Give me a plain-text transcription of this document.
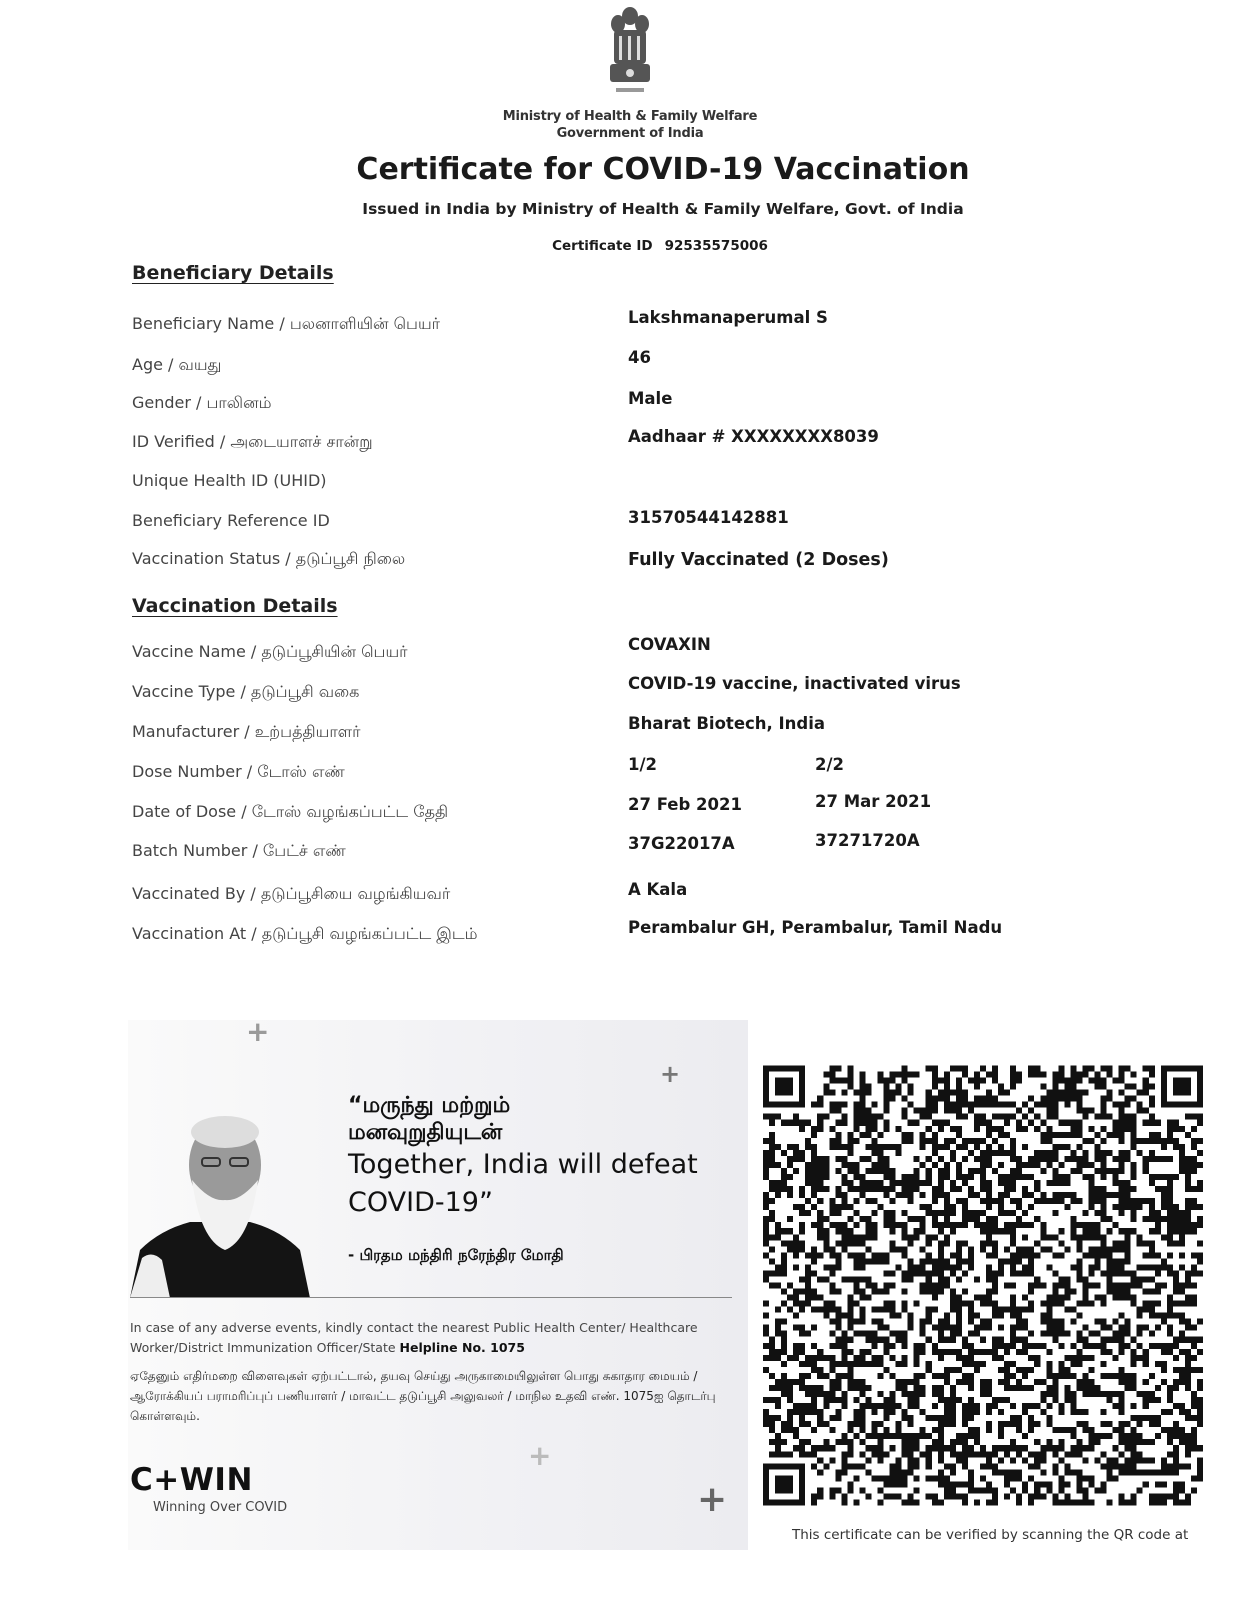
Ministry of Health & Family Welfare
Government of India
Certificate for COVID-19 Vaccination
Issued in India by Ministry of Health & Family Welfare, Govt. of India
Certificate ID 92535575006
Beneficiary Details
Beneficiary Name / பலனாளியின் பெயர்	Lakshmanaperumal S
Age / வயது	46
Gender / பாலினம்	Male
ID Verified / அடையாளச் சான்று	Aadhaar # XXXXXXXX8039
Unique Health ID (UHID)
Beneficiary Reference ID	31570544142881
Vaccination Status / தடுப்பூசி நிலை	Fully Vaccinated (2 Doses)
Vaccination Details
Vaccine Name / தடுப்பூசியின் பெயர்	COVAXIN
Vaccine Type / தடுப்பூசி வகை	COVID-19 vaccine, inactivated virus
Manufacturer / உற்பத்தியாளர்	Bharat Biotech, India
Dose Number / டோஸ் எண்	1/2	2/2
Date of Dose / டோஸ் வழங்கப்பட்ட தேதி	27 Feb 2021	27 Mar 2021
Batch Number / பேட்ச் எண்	37G22017A	37271720A
Vaccinated By / தடுப்பூசியை வழங்கியவர்	A Kala
Vaccination At / தடுப்பூசி வழங்கப்பட்ட இடம்	Perambalur GH, Perambalur, Tamil Nadu
+
+
+
+
“மருந்து மற்றும்
மனவுறுதியுடன்
Together, India will defeat
COVID-19”
- பிரதம மந்திரி நரேந்திர மோதி
In case of any adverse events, kindly contact the nearest Public Health Center/ Healthcare Worker/District Immunization Officer/State Helpline No. 1075
ஏதேனும் எதிர்மறை விளைவுகள் ஏற்பட்டால், தயவு செய்து அருகாமையிலுள்ள பொது சுகாதார மையம் / ஆரோக்கியப் பராமரிப்புப் பணியாளர் / மாவட்ட தடுப்பூசி அலுவலர் / மாநில உதவி எண். 1075ஐ தொடர்பு கொள்ளவும்.
C+WIN
Winning Over COVID
This certificate can be verified by scanning the QR code at
